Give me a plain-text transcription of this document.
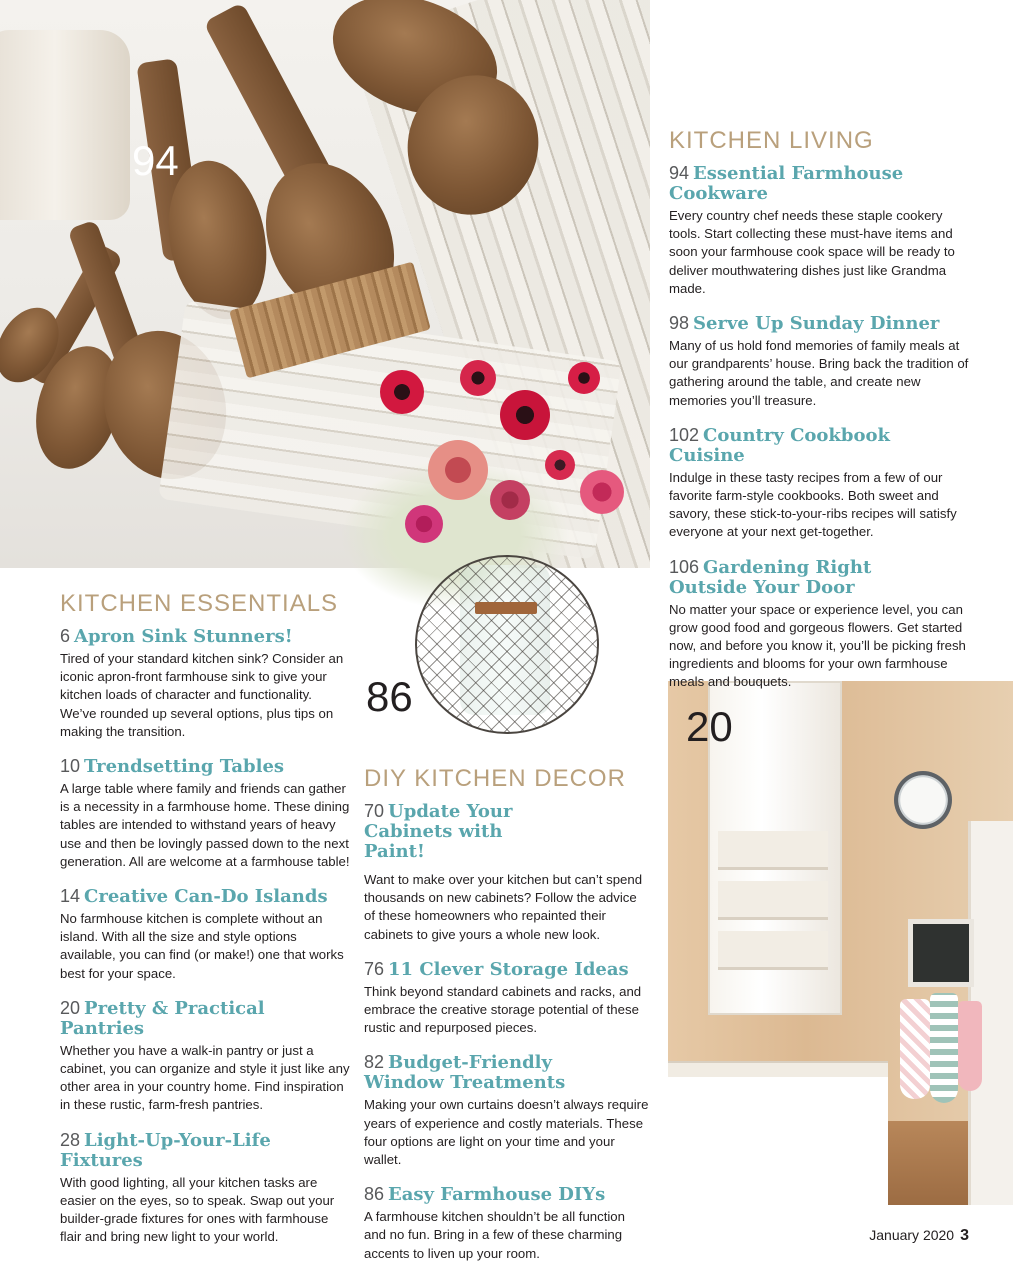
94
86
20
KITCHEN LIVING
94 Essential Farmhouse Cookware

Every country chef needs these staple cookery tools. Start collecting these must-have items and soon your farmhouse cook space will be ready to deliver mouthwatering dishes just like Grandma made.

98 Serve Up Sunday Dinner

Many of us hold fond memories of family meals at our grandparents’ house. Bring back the tradition of gathering around the table, and create new memories you’ll treasure.

102 Country Cookbook Cuisine

Indulge in these tasty recipes from a few of our favorite farm-style cookbooks. Both sweet and savory, these stick-to-your-ribs recipes will satisfy everyone at your next get-together.

106 Gardening Right Outside Your Door

No matter your space or experience level, you can grow good food and gorgeous flowers. Get started now, and before you know it, you’ll be picking fresh ingredients and blooms for your own farmhouse meals and bouquets.

KITCHEN ESSENTIALS
6 Apron Sink Stunners!

Tired of your standard kitchen sink? Consider an iconic apron-front farmhouse sink to give your kitchen loads of character and functionality. We’ve rounded up several options, plus tips on making the transition.

10 Trendsetting Tables

A large table where family and friends can gather is a necessity in a farmhouse home. These dining tables are intended to withstand years of heavy use and then be lovingly passed down to the next generation. All are welcome at a farmhouse table!

14 Creative Can-Do Islands

No farmhouse kitchen is complete without an island. With all the size and style options available, you can find (or make!) one that works best for your space.

20 Pretty & Practical Pantries

Whether you have a walk-in pantry or just a cabinet, you can organize and style it just like any other area in your country home. Find inspiration in these rustic, farm-fresh pantries.

28 Light-Up-Your-Life Fixtures

With good lighting, all your kitchen tasks are easier on the eyes, so to speak. Swap out your builder-grade fixtures for ones with farmhouse flair and bring new light to your world.

DIY KITCHEN DECOR
70 Update Your Cabinets with Paint!

Want to make over your kitchen but can’t spend thousands on new cabinets? Follow the advice of these homeowners who repainted their cabinets to give yours a whole new look.

76 11 Clever Storage Ideas

Think beyond standard cabinets and racks, and embrace the creative storage potential of these rustic and repurposed pieces.

82 Budget-Friendly Window Treatments

Making your own curtains doesn’t always require years of experience and costly materials. These four options are light on your time and your wallet.

86 Easy Farmhouse DIYs

A farmhouse kitchen shouldn’t be all function and no fun. Bring in a few of these charming accents to liven up your room.

January 2020 3
